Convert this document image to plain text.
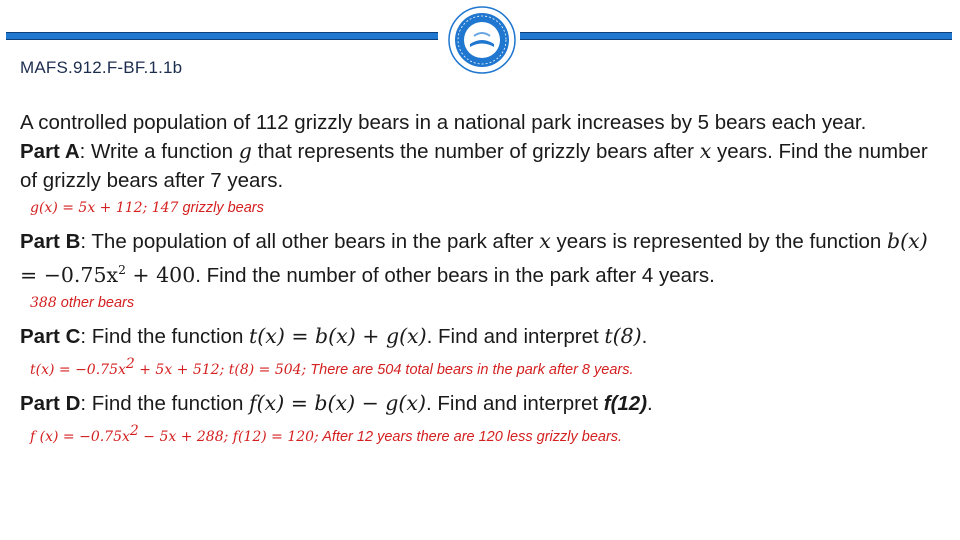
MAFS.912.F-BF.1.1b

A controlled population of 112 grizzly bears in a national park increases by 5 bears each year.

Part A: Write a function g that represents the number of grizzly bears after x years. Find the number of grizzly bears after 7 years.

g(x) = 5x + 112; 147 grizzly bears

Part B: The population of all other bears in the park after x years is represented by the function $b(x) = -0.75x^2 + 400$. Find the number of other bears in the park after 4 years.

388 other bears

Part C: Find the function t(x) = b(x) + g(x). Find and interpret t(8).

$t(x) = -0.75x^2 + 5x + 512$; t(8) = 504; There are 504 total bears in the park after 8 years.

Part D: Find the function f(x) = b(x) − g(x). Find and interpret f(12).

f $(x) = -0.75x^2 - 5x + 288$; f(12) = 120; After 12 years there are 120 less grizzly bears.
